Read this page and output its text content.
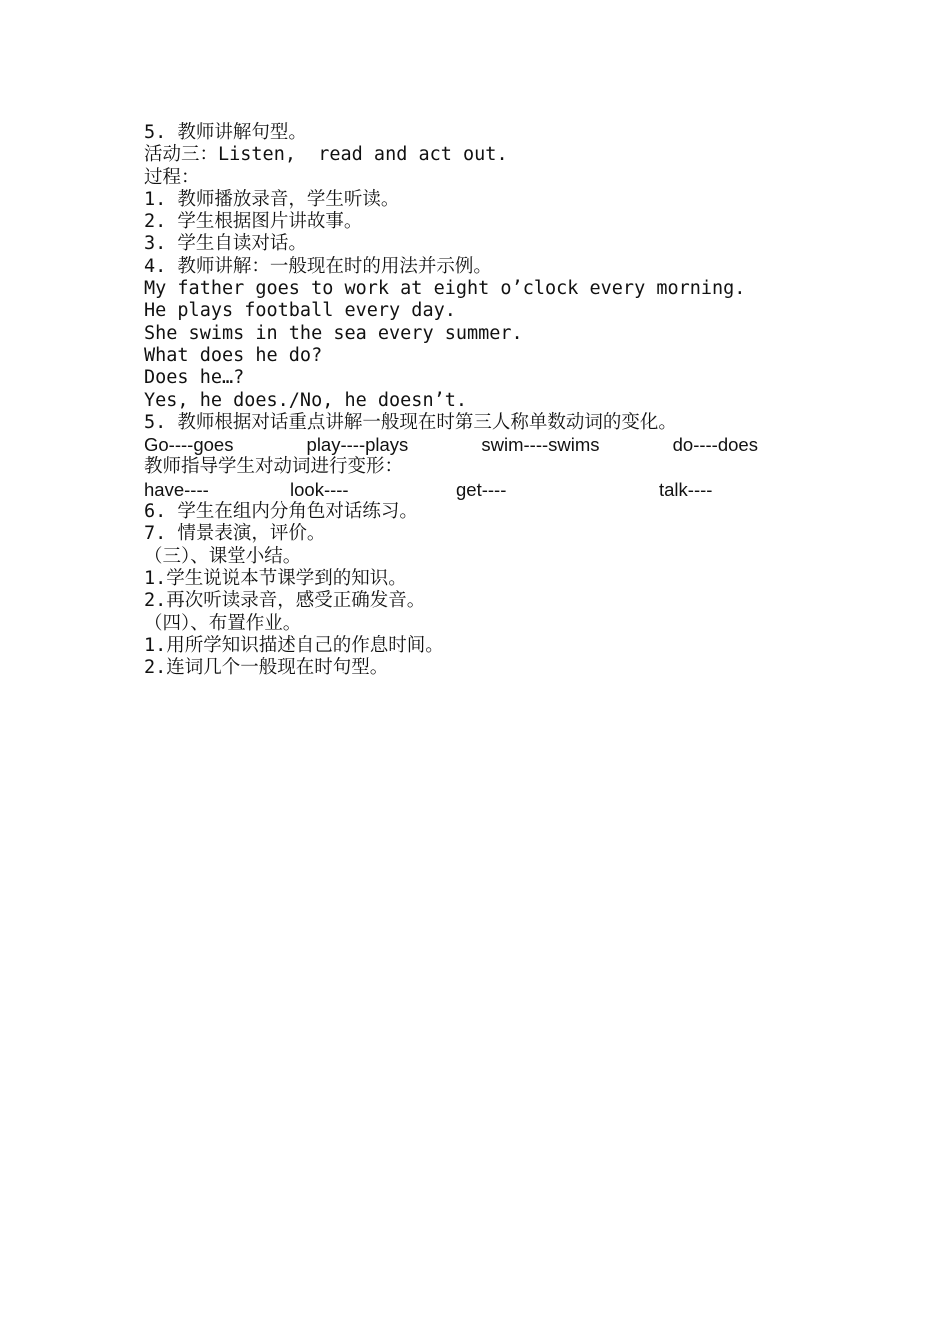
5. 教师讲解句型。
活动三：Listen,  read and act out.
过程：
1. 教师播放录音，学生听读。
2. 学生根据图片讲故事。
3. 学生自读对话。
4. 教师讲解：一般现在时的用法并示例。
My father goes to work at eight o’clock every morning.
He plays football every day.
She swims in the sea every summer.
What does he do?
Does he…?
Yes, he does./No, he doesn’t.
5. 教师根据对话重点讲解一般现在时第三人称单数动词的变化。
Go----goes	play----plays	swim----swims	do----does
教师指导学生对动词进行变形：

have----

	look----

	get----

	talk----

6. 学生在组内分角色对话练习。
7. 情景表演，评价。
（三）、课堂小结。
1.学生说说本节课学到的知识。
2.再次听读录音，感受正确发音。
（四）、布置作业。
1.用所学知识描述自己的作息时间。
2.连词几个一般现在时句型。
